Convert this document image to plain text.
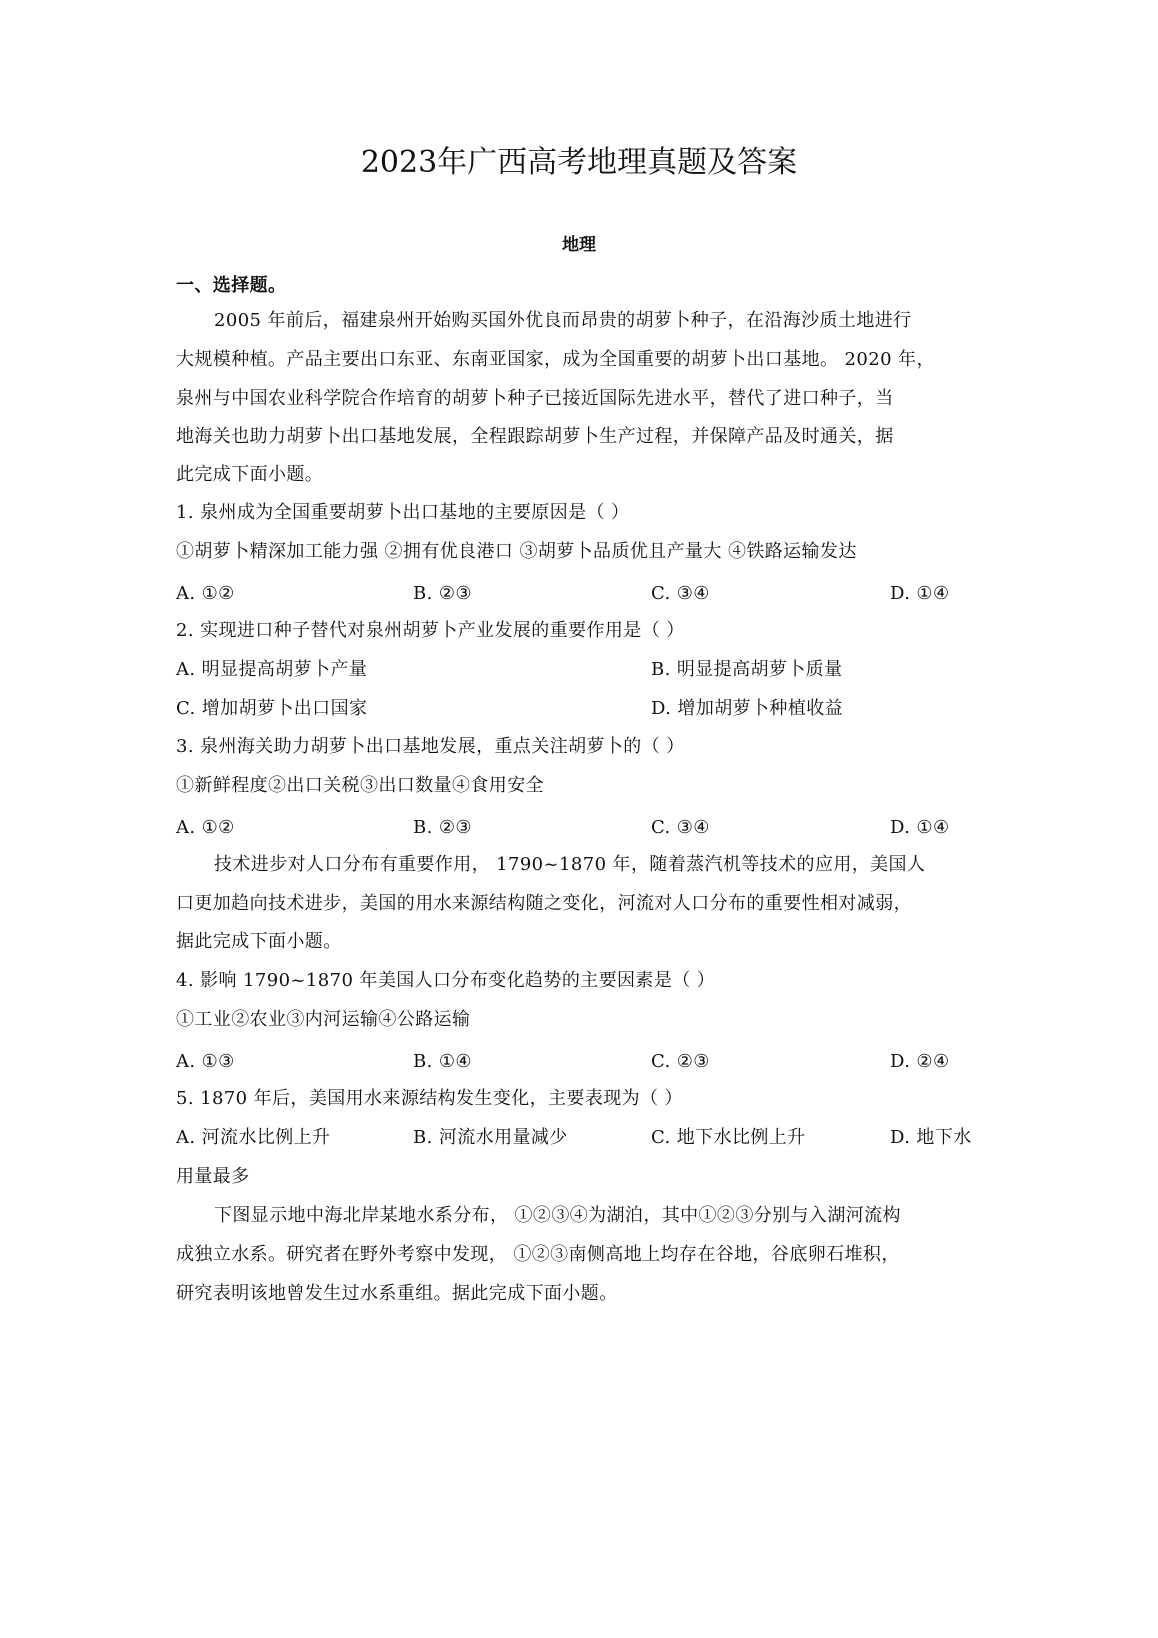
2023年广西高考地理真题及答案
地理
一、选择题。
2005 年前后，福建泉州开始购买国外优良而昂贵的胡萝卜种子，在沿海沙质土地进行
大规模种植。产品主要出口东亚、东南亚国家，成为全国重要的胡萝卜出口基地。 2020 年，
泉州与中国农业科学院合作培育的胡萝卜种子已接近国际先进水平，替代了进口种子，当
地海关也助力胡萝卜出口基地发展，全程跟踪胡萝卜生产过程，并保障产品及时通关，据
此完成下面小题。
1. 泉州成为全国重要胡萝卜出口基地的主要原因是（ ）
①胡萝卜精深加工能力强 ②拥有优良港口 ③胡萝卜品质优且产量大 ④铁路运输发达
A. ①②	B. ②③	C. ③④	D. ①④
2. 实现进口种子替代对泉州胡萝卜产业发展的重要作用是（ ）
A. 明显提高胡萝卜产量	B. 明显提高胡萝卜质量
C. 增加胡萝卜出口国家	D. 增加胡萝卜种植收益
3. 泉州海关助力胡萝卜出口基地发展，重点关注胡萝卜的（ ）
①新鲜程度②出口关税③出口数量④食用安全
A. ①②	B. ②③	C. ③④	D. ①④
技术进步对人口分布有重要作用， 1790~1870 年，随着蒸汽机等技术的应用，美国人
口更加趋向技术进步，美国的用水来源结构随之变化，河流对人口分布的重要性相对减弱，
据此完成下面小题。
4. 影响 1790~1870 年美国人口分布变化趋势的主要因素是（ ）
①工业②农业③内河运输④公路运输
A. ①③	B. ①④	C. ②③	D. ②④
5. 1870 年后，美国用水来源结构发生变化，主要表现为（ ）
A. 河流水比例上升	B. 河流水用量减少	C. 地下水比例上升	D. 地下水
用量最多
下图显示地中海北岸某地水系分布， ①②③④为湖泊，其中①②③分别与入湖河流构
成独立水系。研究者在野外考察中发现， ①②③南侧高地上均存在谷地，谷底卵石堆积，
研究表明该地曾发生过水系重组。据此完成下面小题。
